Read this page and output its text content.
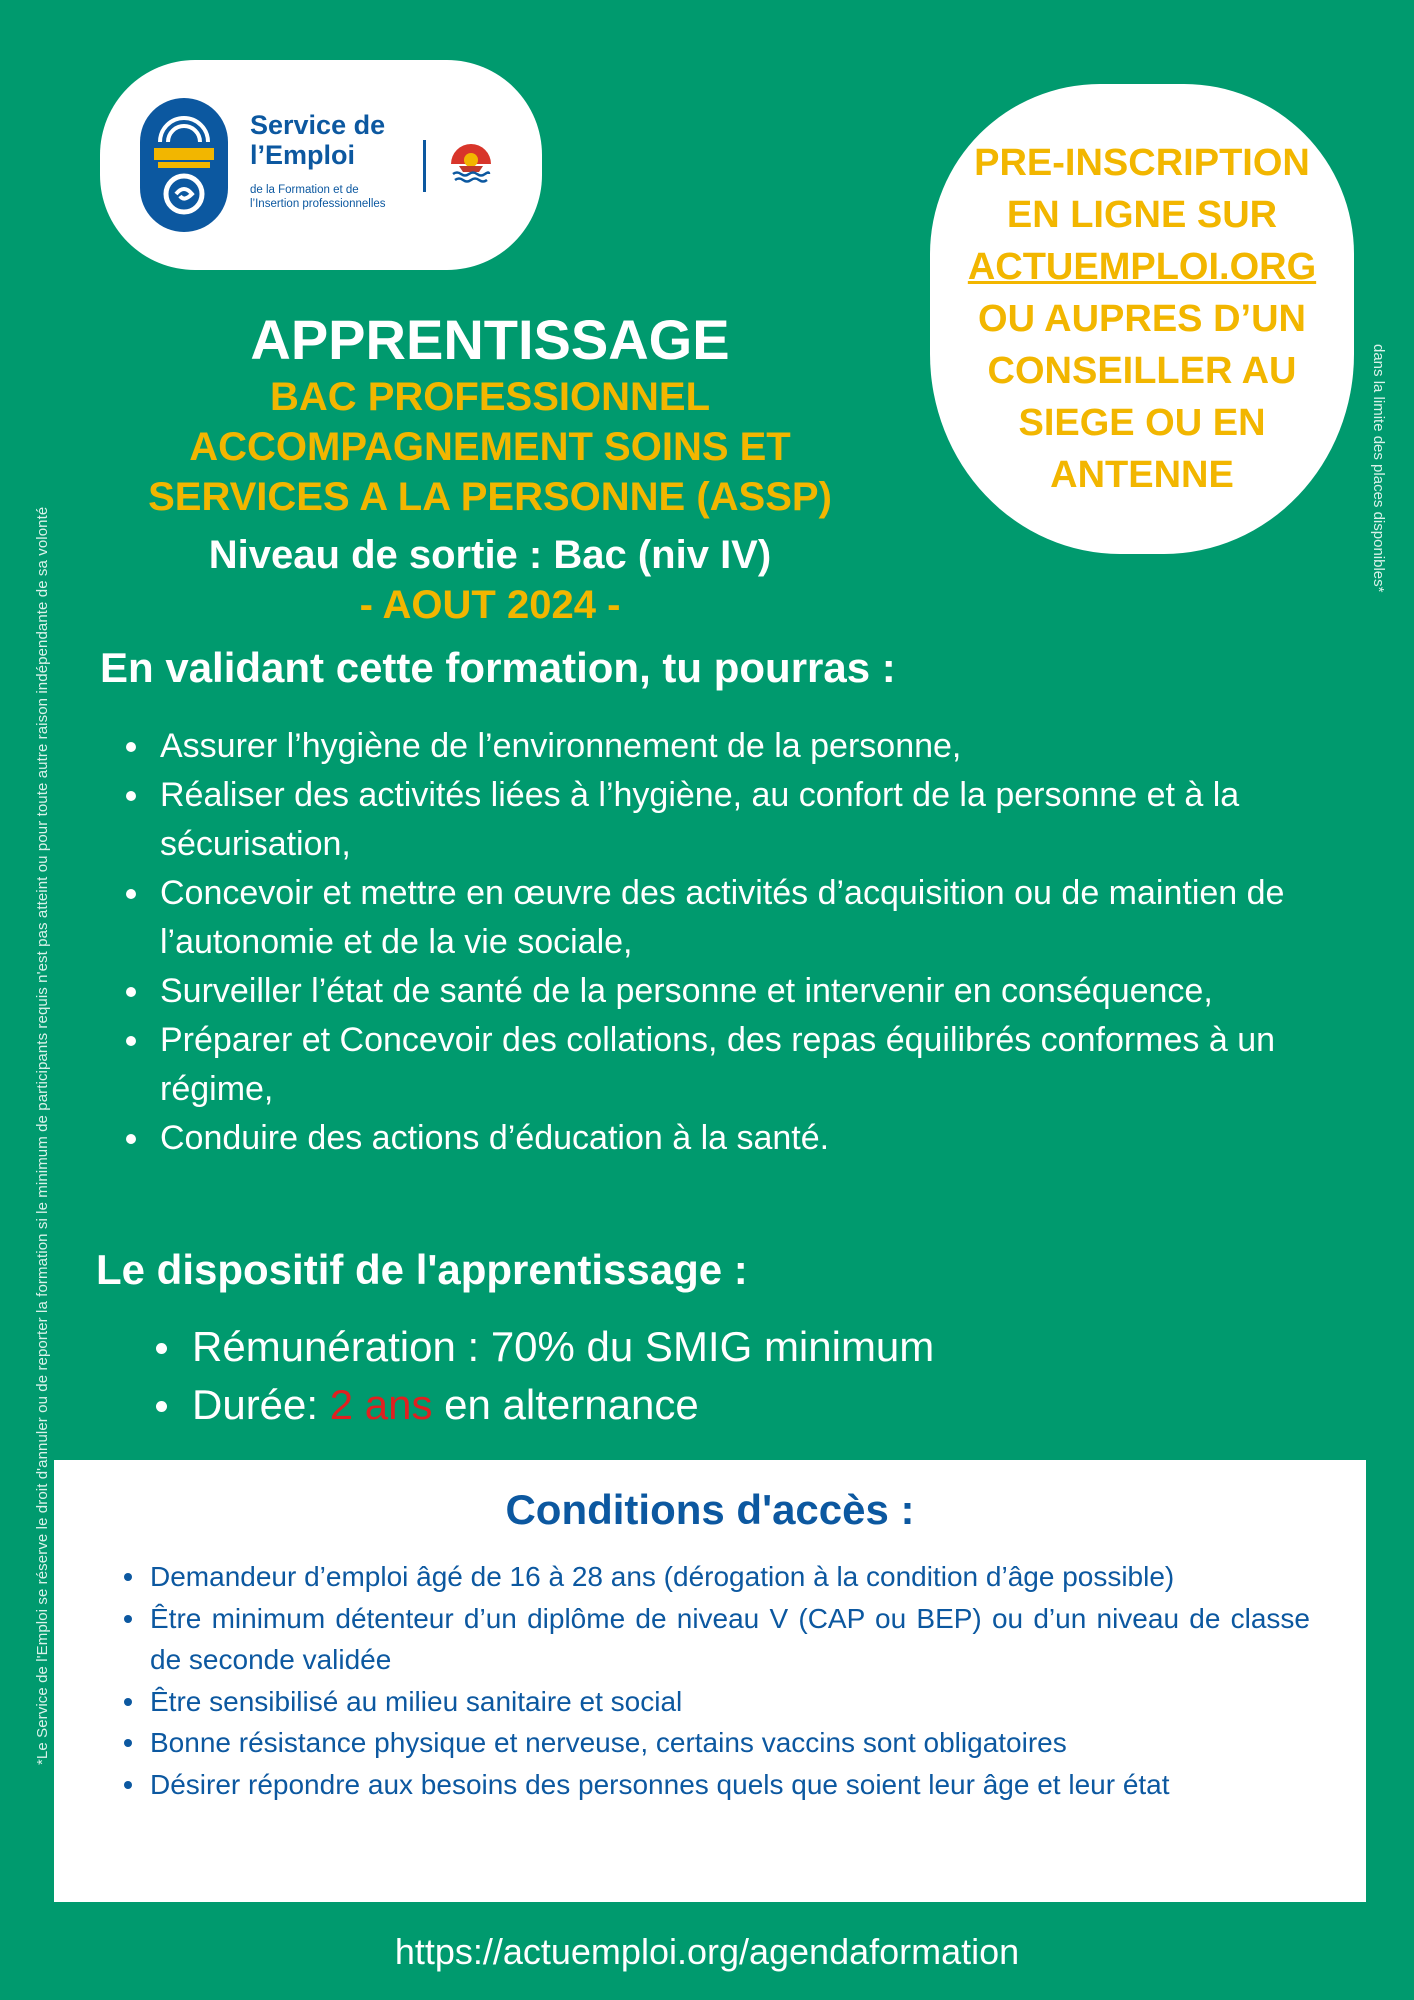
*Le Service de l'Emploi se réserve le droit d'annuler ou de reporter la formation si le minimum de participants requis n'est pas atteint ou pour toute autre raison indépendante de sa volonté
dans la limite des places disponibles*
Service de
l’Emploi
de la Formation et de
l’Insertion professionnelles
PRE-INSCRIPTION
EN LIGNE SUR
ACTUEMPLOI.ORG
OU AUPRES D’UN
CONSEILLER AU
SIEGE OU EN
ANTENNE
APPRENTISSAGE
BAC PROFESSIONNEL
ACCOMPAGNEMENT SOINS ET
SERVICES A LA PERSONNE (ASSP)
Niveau de sortie : Bac (niv IV)
- AOUT 2024 -
En validant cette formation, tu pourras :
Assurer l’hygiène de l’environnement de la personne,
Réaliser des activités liées à l’hygiène, au confort de la personne et à la sécurisation,
Concevoir et mettre en œuvre des activités d’acquisition ou de maintien de l’autonomie et de la vie sociale,
Surveiller l’état de santé de la personne et intervenir en conséquence,
Préparer et Concevoir des collations, des repas équilibrés conformes à un régime,
Conduire des actions d’éducation à la santé.
Le dispositif de l'apprentissage :
Rémunération : 70% du SMIG minimum
Durée: 2 ans en alternance
Conditions d'accès :
Demandeur d’emploi âgé de 16 à 28 ans (dérogation à la condition d’âge possible)
Être minimum détenteur d’un diplôme de niveau V (CAP ou BEP) ou d’un niveau de classe de seconde validée
Être sensibilisé au milieu sanitaire et social
Bonne résistance physique et nerveuse, certains vaccins sont obligatoires
Désirer répondre aux besoins des personnes quels que soient leur âge et leur état
https://actuemploi.org/agendaformation
